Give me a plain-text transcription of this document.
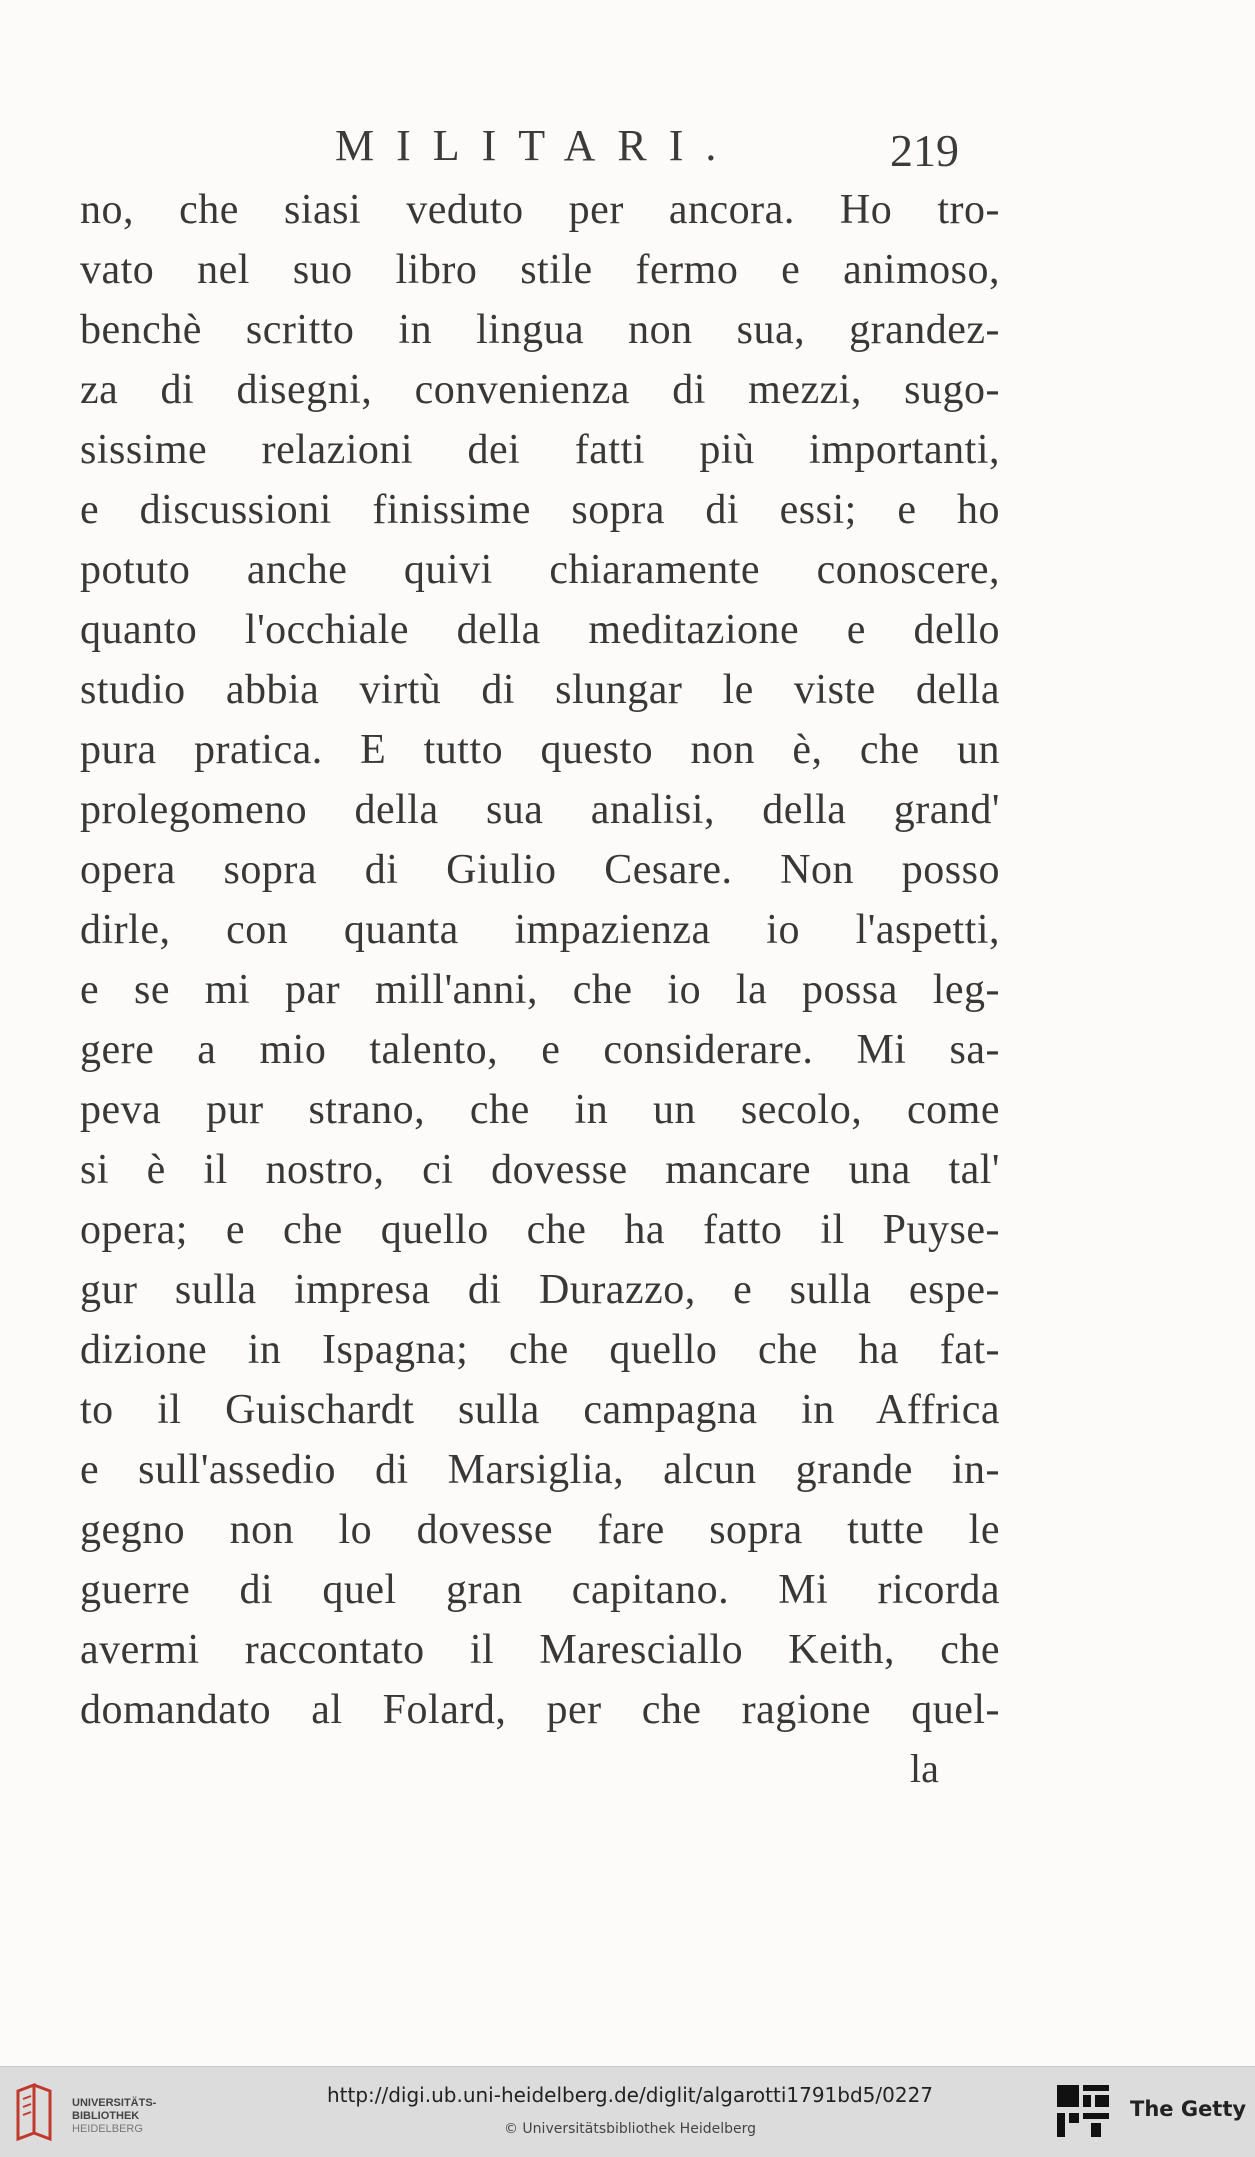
MILITARI.	219
no, che siasi veduto per ancora. Ho tro-
vato nel suo libro stile fermo e animoso,
benchè scritto in lingua non sua, grandez-
za di disegni, convenienza di mezzi, sugo-
sissime relazioni dei fatti più importanti,
e discussioni finissime sopra di essi; e ho
potuto anche quivi chiaramente conoscere,
quanto l'occhiale della meditazione e dello
studio abbia virtù di slungar le viste della
pura pratica. E tutto questo non è, che un
prolegomeno della sua analisi, della grand'
opera sopra di Giulio Cesare. Non posso
dirle, con quanta impazienza io l'aspetti,
e se mi par mill'anni, che io la possa leg-
gere a mio talento, e considerare. Mi sa-
peva pur strano, che in un secolo, come
si è il nostro, ci dovesse mancare una tal'
opera; e che quello che ha fatto il Puyse-
gur sulla impresa di Durazzo, e sulla espe-
dizione in Ispagna; che quello che ha fat-
to il Guischardt sulla campagna in Affrica
e sull'assedio di Marsiglia, alcun grande in-
gegno non lo dovesse fare sopra tutte le
guerre di quel gran capitano. Mi ricorda
avermi raccontato il Maresciallo Keith, che
domandato al Folard, per che ragione quel-
la
UNIVERSITÄTS-
BIBLIOTHEK
HEIDELBERG
http://digi.ub.uni-heidelberg.de/diglit/algarotti1791bd5/0227
© Universitätsbibliothek Heidelberg
The Getty
